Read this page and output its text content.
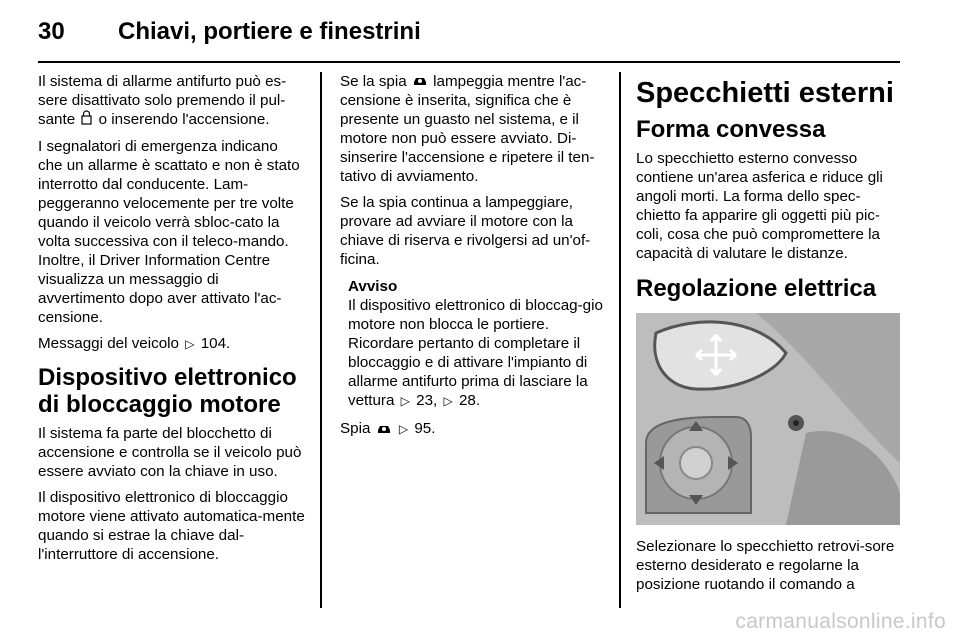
30 Chiavi, portiere e finestrini

Il sistema di allarme antifurto può es-sere disattivato solo premendo il pul-sante o inserendo l'accensione.

I segnalatori di emergenza indicano che un allarme è scattato e non è stato interrotto dal conducente. Lam-peggeranno velocemente per tre volte quando il veicolo verrà sbloc-cato la volta successiva con il teleco-mando. Inoltre, il Driver Information Centre visualizza un messaggio di avvertimento dopo aver attivato l'ac-censione.

Messaggi del veicolo ▷ 104.

Dispositivo elettronico di bloccaggio motore

Il sistema fa parte del blocchetto di accensione e controlla se il veicolo può essere avviato con la chiave in uso.

Il dispositivo elettronico di bloccaggio motore viene attivato automatica-mente quando si estrae la chiave dal-l'interruttore di accensione.

Se la spia lampeggia mentre l'ac-censione è inserita, significa che è presente un guasto nel sistema, e il motore non può essere avviato. Di-sinserire l'accensione e ripetere il ten-tativo di avviamento.

Se la spia continua a lampeggiare, provare ad avviare il motore con la chiave di riserva e rivolgersi ad un'of-ficina.

Avviso
Il dispositivo elettronico di bloccag-gio motore non blocca le portiere. Ricordare pertanto di completare il bloccaggio e di attivare l'impianto di allarme antifurto prima di lasciare la vettura ▷ 23, ▷ 28.

Spia ▷ 95.

Specchietti esterni
Forma convessa

Lo specchietto esterno convesso contiene un'area asferica e riduce gli angoli morti. La forma dello spec-chietto fa apparire gli oggetti più pic-coli, cosa che può compromettere la capacità di valutare le distanze.

Regolazione elettrica

Selezionare lo specchietto retrovi-sore esterno desiderato e regolarne la posizione ruotando il comando a

carmanualsonline.info
